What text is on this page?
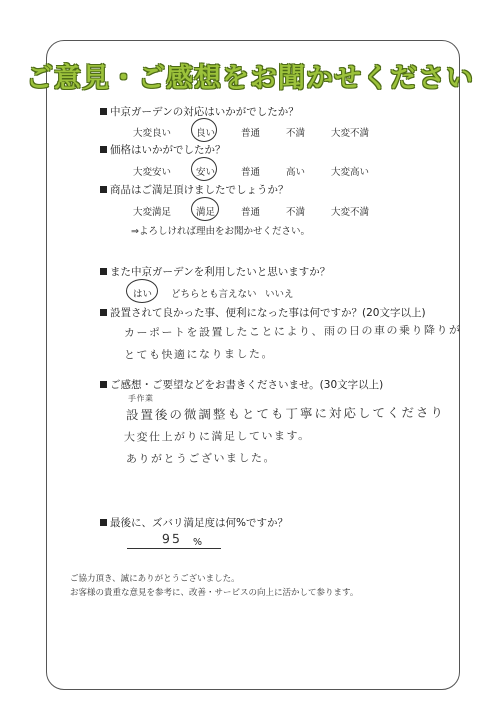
ご意見・ご感想をお聞かせください
中京ガーデンの対応はいかがでしたか？
大変良い	良い	普通	不満	大変不満
価格はいかがでしたか？
大変安い	安い	普通	高い	大変高い
商品はご満足頂けましたでしょうか？
大変満足	満足	普通	不満	大変不満
⇒よろしければ理由をお聞かせください。
また中京ガーデンを利用したいと思いますか？
はい どちらとも言えない いいえ
設置されて良かった事、便利になった事は何ですか？(20文字以上)
カーポートを設置したことにより、雨の日の車の乗り降りが
とても快適になりました。
ご感想・ご要望などをお書きくださいませ。(30文字以上)
手作業
設置後の微調整もとても丁寧に対応してくださり
大変仕上がりに満足しています。
ありがとうございました。
最後に、ズバリ満足度は何%ですか？
95 %
ご協力頂き、誠にありがとうございました。
お客様の貴重な意見を参考に、改善・サービスの向上に活かして参ります。
